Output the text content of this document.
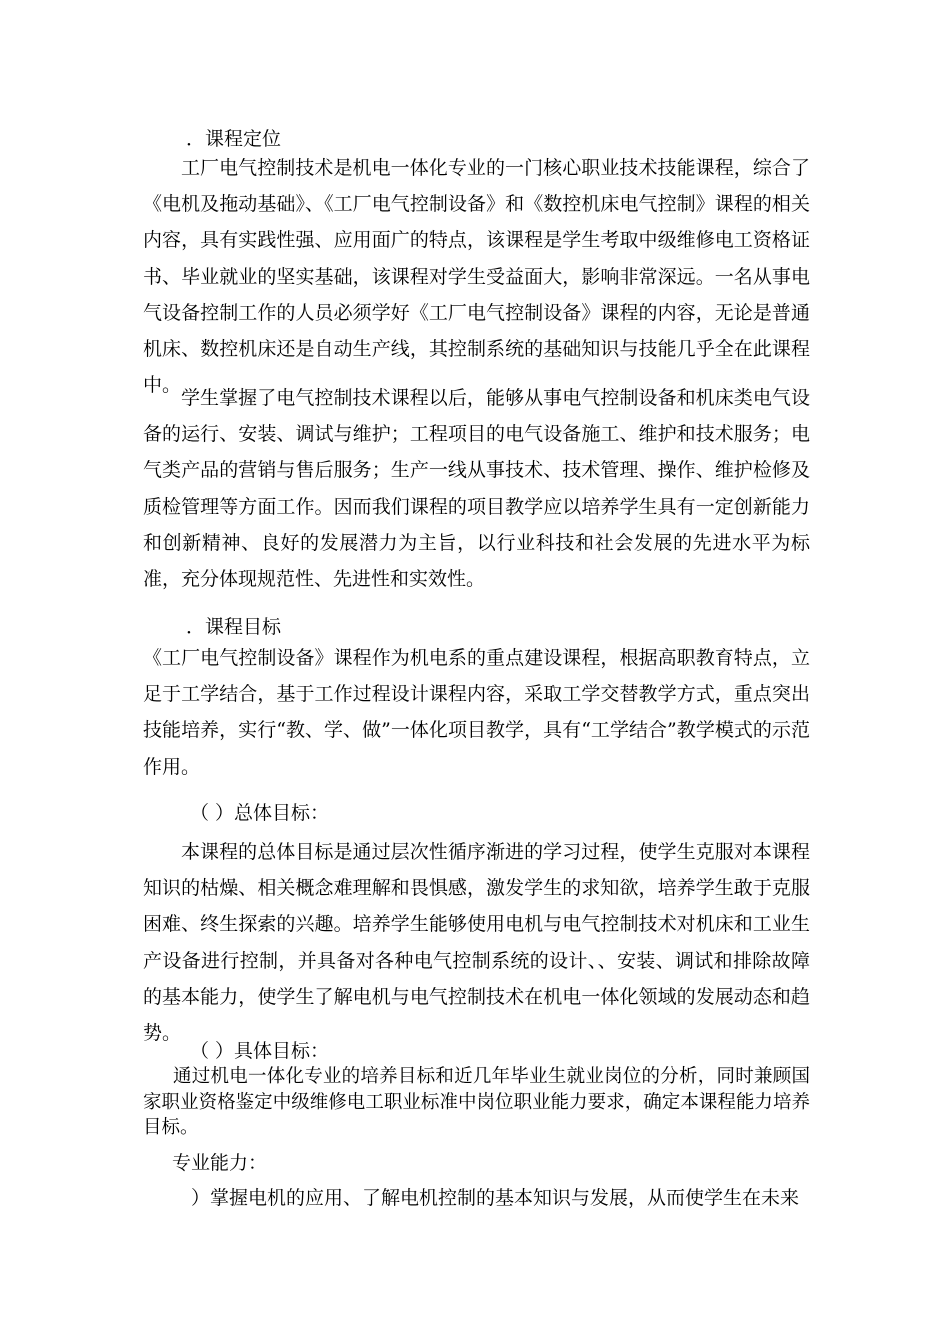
．课程定位

工厂电气控制技术是机电一体化专业的一门核心职业技术技能课程，综合了《电机及拖动基础》、《工厂电气控制设备》和《数控机床电气控制》课程的相关内容，具有实践性强、应用面广的特点，该课程是学生考取中级维修电工资格证书、毕业就业的坚实基础，该课程对学生受益面大，影响非常深远。一名从事电气设备控制工作的人员必须学好《工厂电气控制设备》课程的内容，无论是普通机床、数控机床还是自动生产线，其控制系统的基础知识与技能几乎全在此课程中。

学生掌握了电气控制技术课程以后，能够从事电气控制设备和机床类电气设备的运行、安装、调试与维护；工程项目的电气设备施工、维护和技术服务；电气类产品的营销与售后服务；生产一线从事技术、技术管理、操作、维护检修及质检管理等方面工作。因而我们课程的项目教学应以培养学生具有一定创新能力和创新精神、良好的发展潜力为主旨，以行业科技和社会发展的先进水平为标准，充分体现规范性、先进性和实效性。

．课程目标

《工厂电气控制设备》课程作为机电系的重点建设课程，根据高职教育特点，立足于工学结合，基于工作过程设计课程内容，采取工学交替教学方式，重点突出技能培养，实行“教、学、做”一体化项目教学，具有“工学结合”教学模式的示范作用。

（ ）总体目标：

本课程的总体目标是通过层次性循序渐进的学习过程，使学生克服对本课程知识的枯燥、相关概念难理解和畏惧感，激发学生的求知欲，培养学生敢于克服困难、终生探索的兴趣。培养学生能够使用电机与电气控制技术对机床和工业生产设备进行控制，并具备对各种电气控制系统的设计、、安装、调试和排除故障的基本能力，使学生了解电机与电气控制技术在机电一体化领域的发展动态和趋势。

（ ）具体目标：

通过机电一体化专业的培养目标和近几年毕业生就业岗位的分析，同时兼顾国家职业资格鉴定中级维修电工职业标准中岗位职业能力要求，确定本课程能力培养目标。

专业能力：

）掌握电机的应用、了解电机控制的基本知识与发展，从而使学生在未来
